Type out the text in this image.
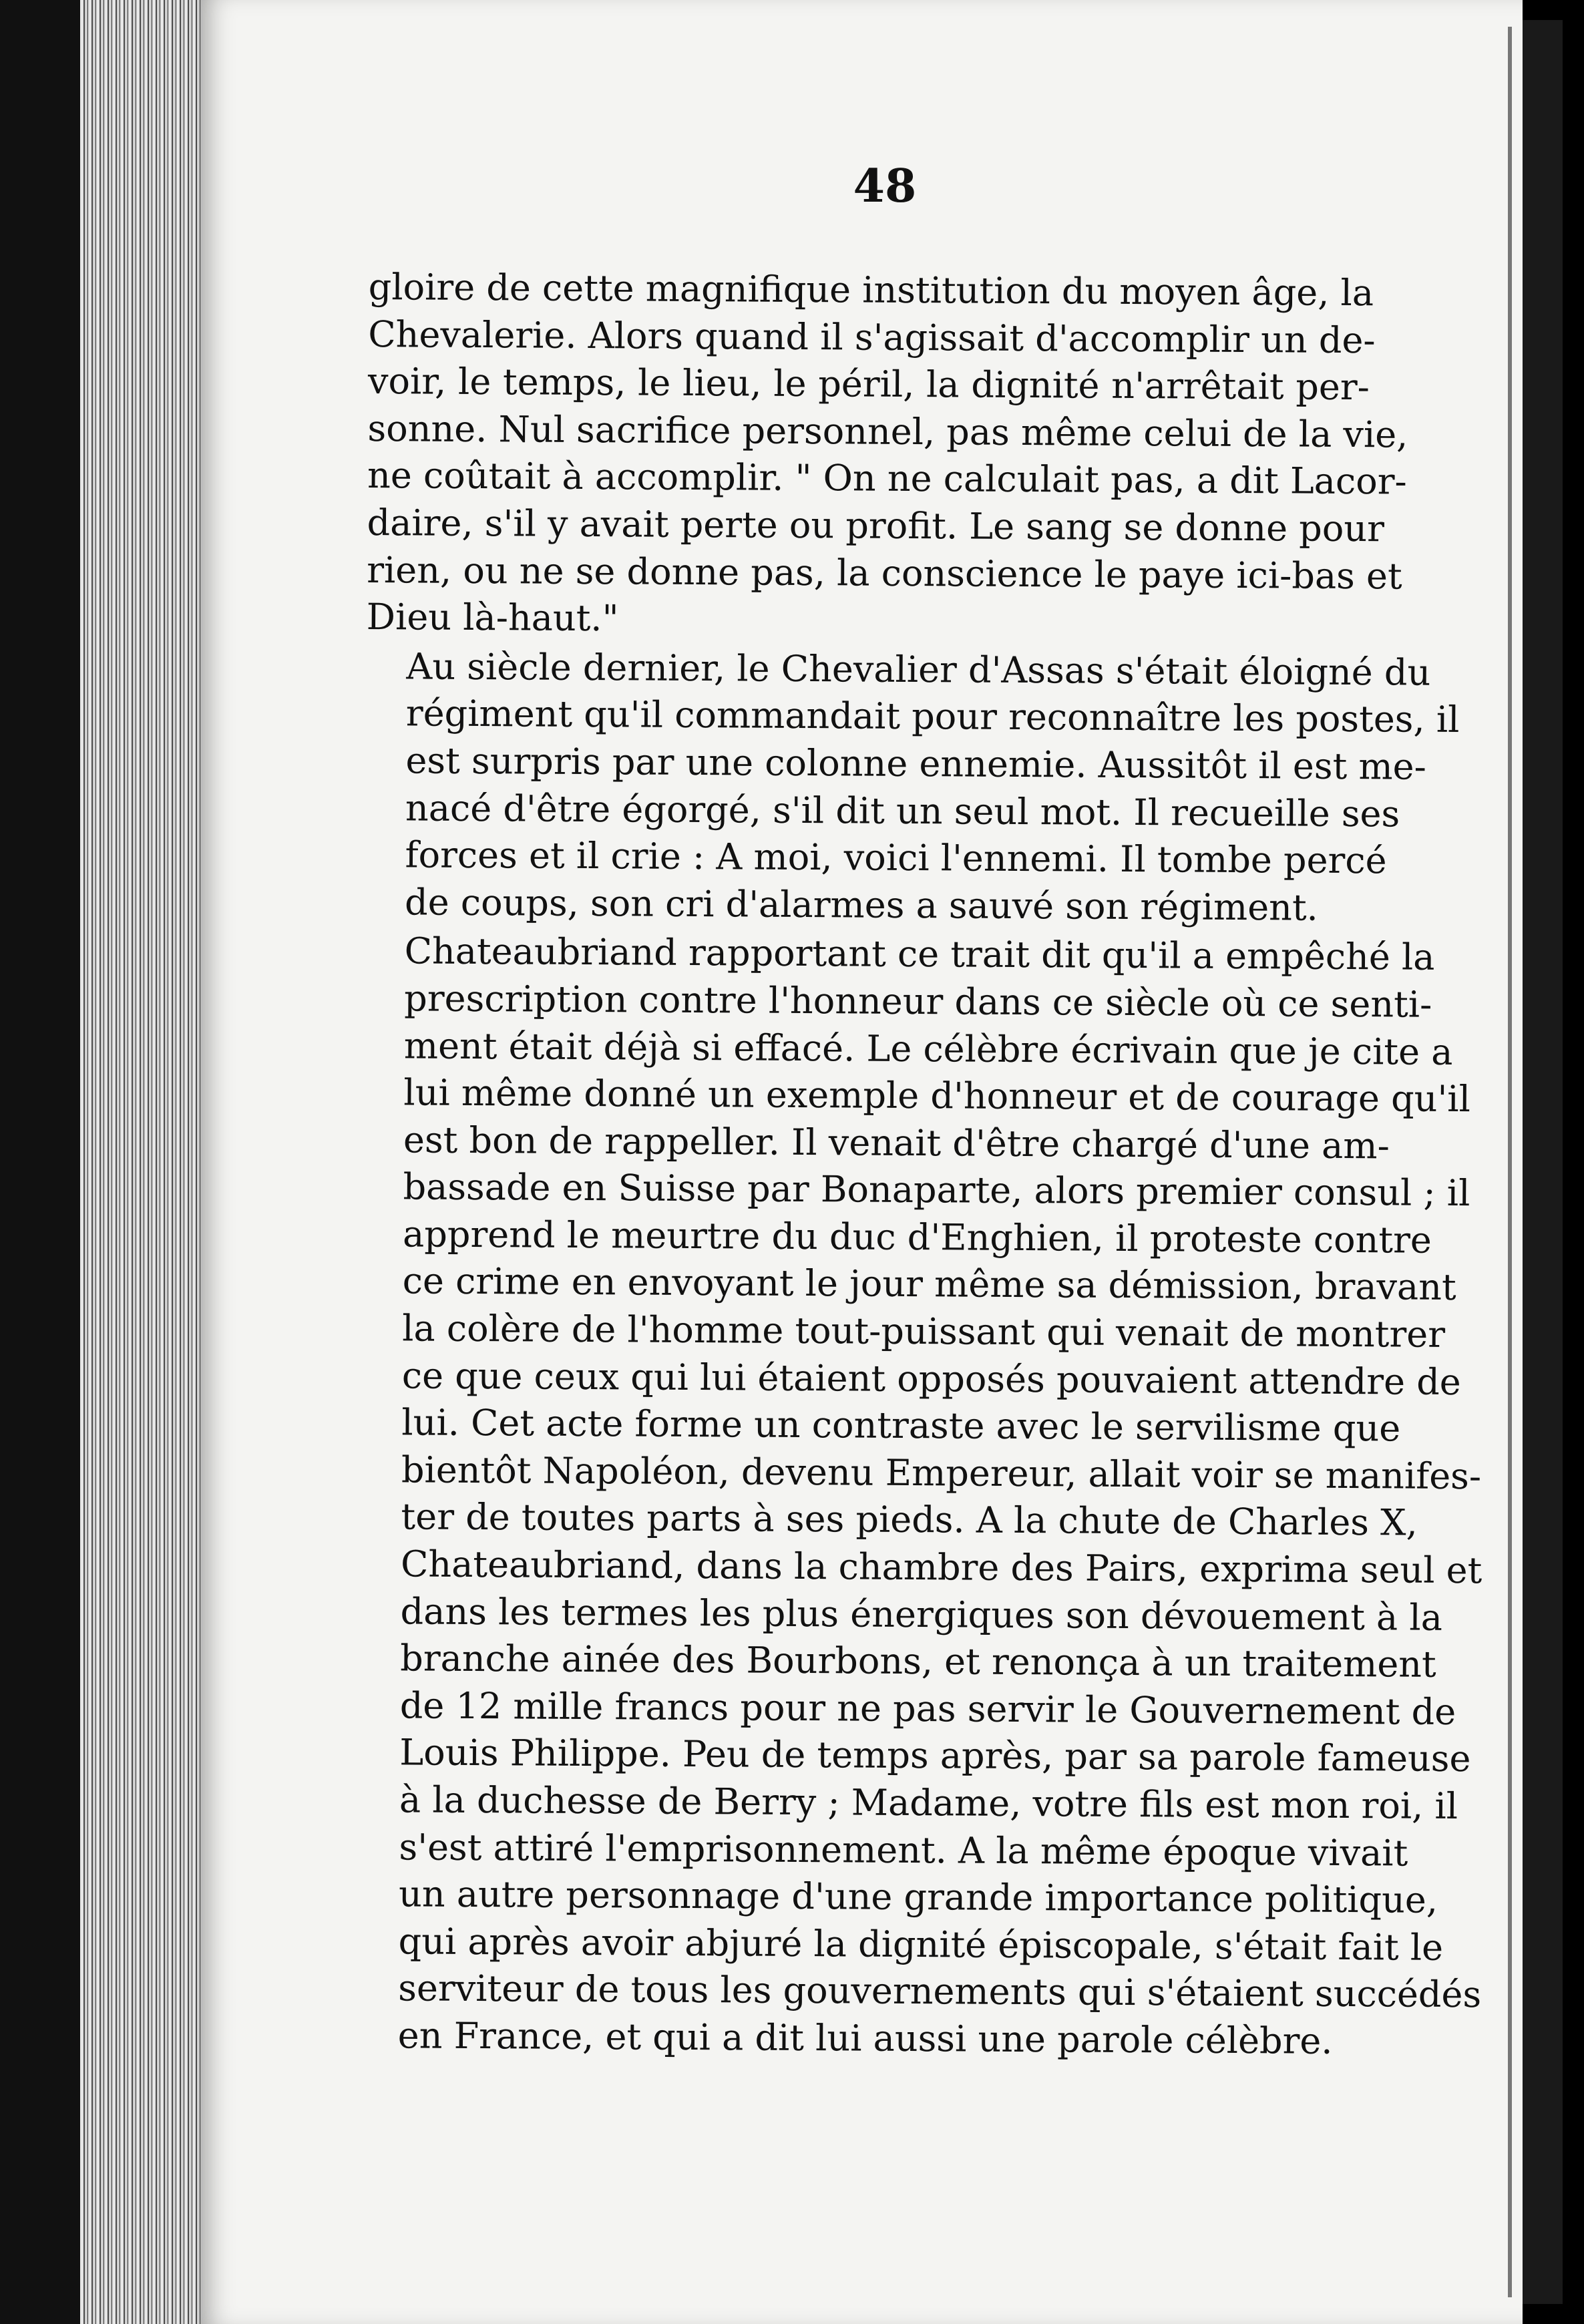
48

gloire de cette magnifique institution du moyen âge, la
Chevalerie. Alors quand il s'agissait d'accomplir un de-
voir, le temps, le lieu, le péril, la dignité n'arrêtait per-
sonne. Nul sacrifice personnel, pas même celui de la vie,
ne coûtait à accomplir. " On ne calculait pas, a dit Lacor-
daire, s'il y avait perte ou profit. Le sang se donne pour
rien, ou ne se donne pas, la conscience le paye ici-bas et
Dieu là-haut."

Au siècle dernier, le Chevalier d'Assas s'était éloigné du
régiment qu'il commandait pour reconnaître les postes, il
est surpris par une colonne ennemie. Aussitôt il est me-
nacé d'être égorgé, s'il dit un seul mot. Il recueille ses
forces et il crie : A moi, voici l'ennemi. Il tombe percé
de coups, son cri d'alarmes a sauvé son régiment.

Chateaubriand rapportant ce trait dit qu'il a empêché la
prescription contre l'honneur dans ce siècle où ce senti-
ment était déjà si effacé. Le célèbre écrivain que je cite a
lui même donné un exemple d'honneur et de courage qu'il
est bon de rappeller. Il venait d'être chargé d'une am-
bassade en Suisse par Bonaparte, alors premier consul ; il
apprend le meurtre du duc d'Enghien, il proteste contre
ce crime en envoyant le jour même sa démission, bravant
la colère de l'homme tout-puissant qui venait de montrer
ce que ceux qui lui étaient opposés pouvaient attendre de
lui. Cet acte forme un contraste avec le servilisme que
bientôt Napoléon, devenu Empereur, allait voir se manifes-
ter de toutes parts à ses pieds. A la chute de Charles X,
Chateaubriand, dans la chambre des Pairs, exprima seul et
dans les termes les plus énergiques son dévouement à la
branche ainée des Bourbons, et renonça à un traitement
de 12 mille francs pour ne pas servir le Gouvernement de
Louis Philippe. Peu de temps après, par sa parole fameuse
à la duchesse de Berry ; Madame, votre fils est mon roi, il
s'est attiré l'emprisonnement. A la même époque vivait
un autre personnage d'une grande importance politique,
qui après avoir abjuré la dignité épiscopale, s'était fait le
serviteur de tous les gouvernements qui s'étaient succédés
en France, et qui a dit lui aussi une parole célèbre.
